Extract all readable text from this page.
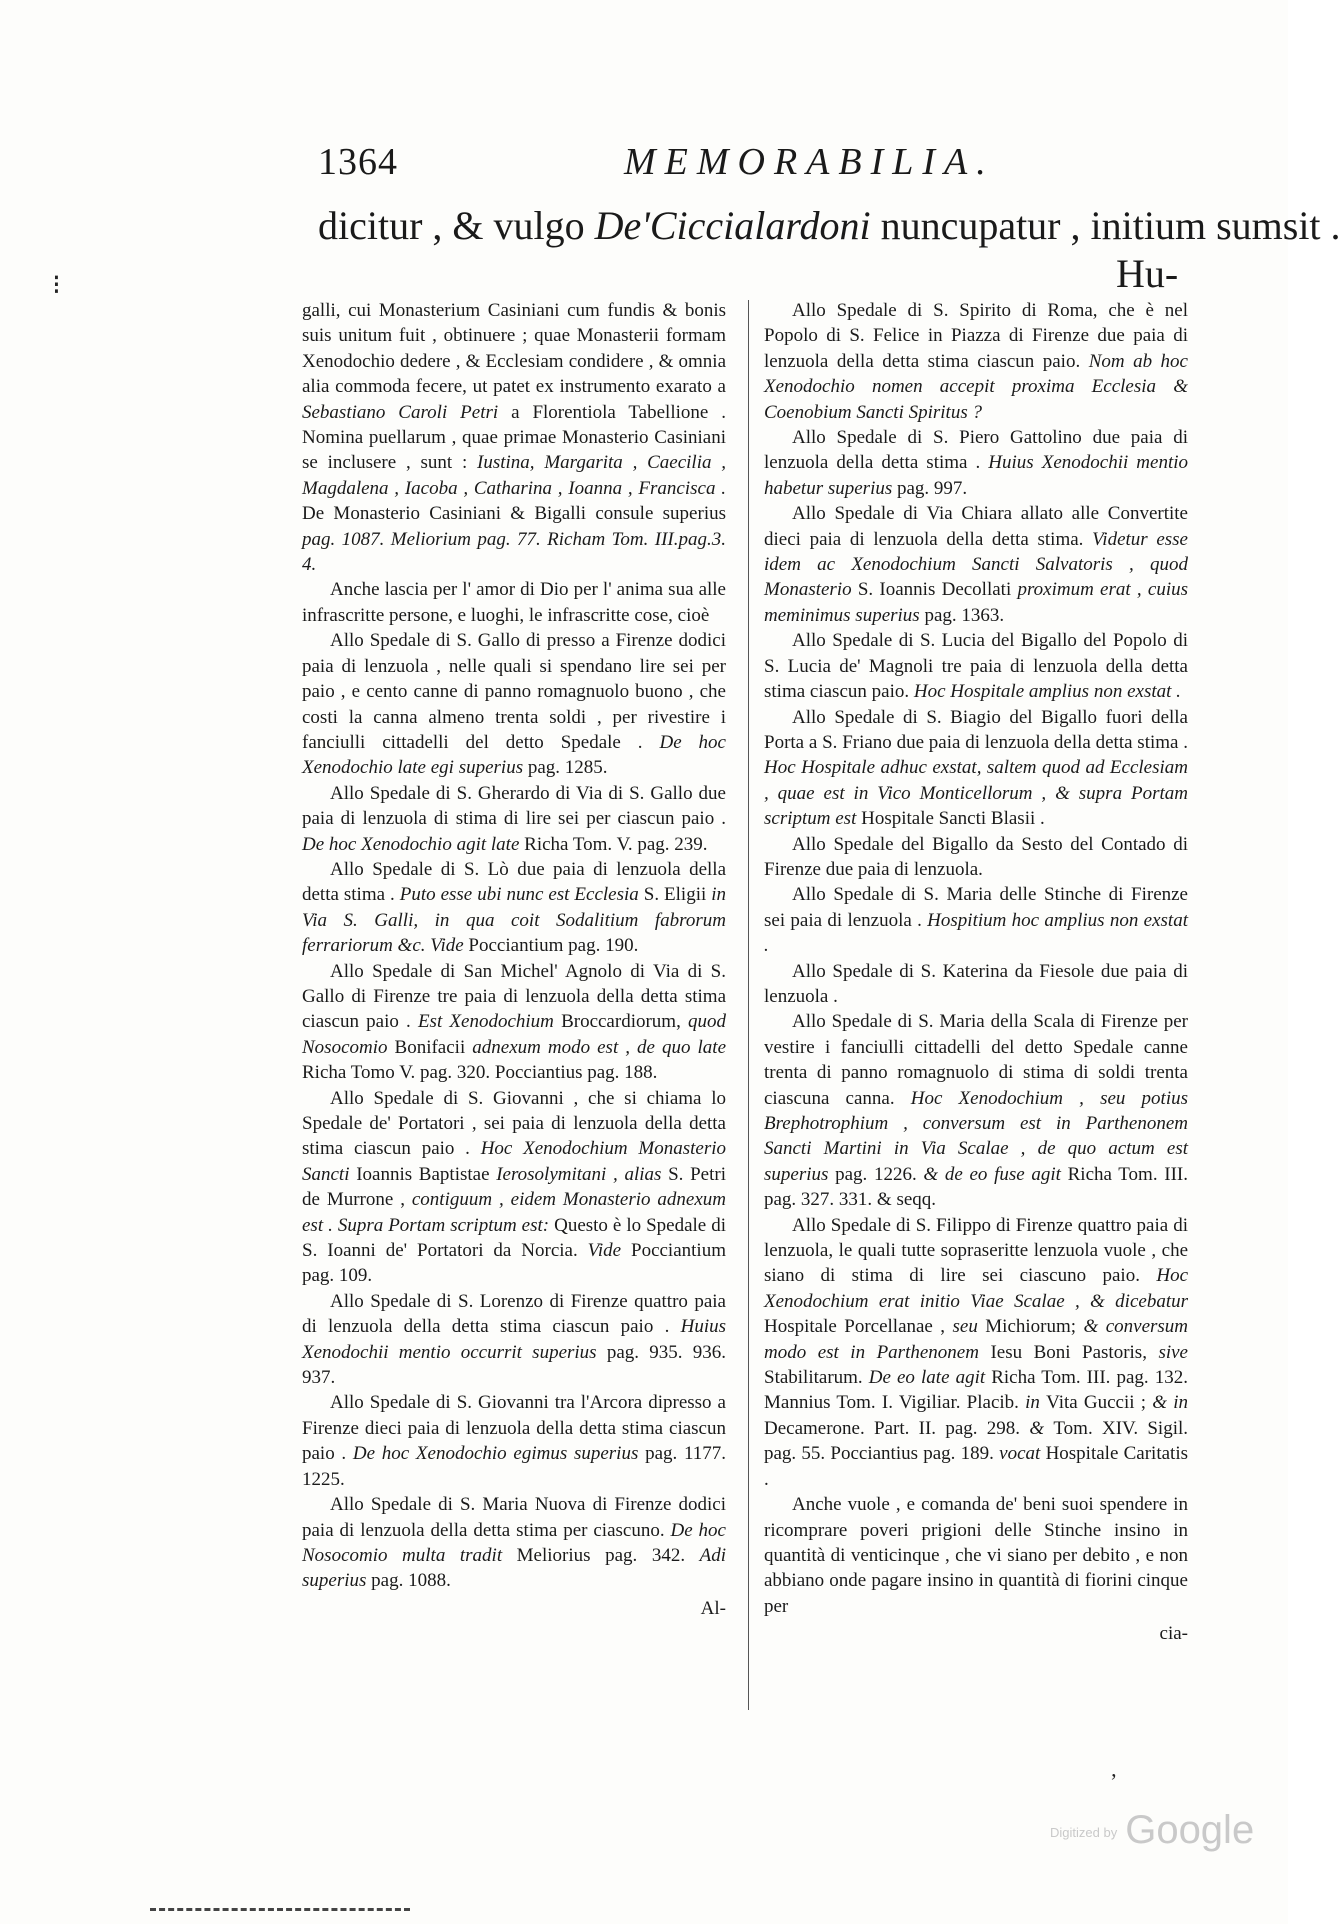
⁝
1364	MEMORABILIA.
dicitur , & vulgo De'Ciccialardoni nuncupatur , initium sumsit .
Hu-

galli, cui Monasterium Casiniani cum fundis & bonis suis unitum fuit , obtinuere ; quae Monasterii formam Xenodochio dedere , & Ecclesiam condidere , & omnia alia commoda fecere, ut patet ex instrumento exarato a Sebastiano Caroli Petri a Florentiola Tabellione . Nomina puellarum , quae primae Monasterio Casiniani se inclusere , sunt : Iustina, Margarita , Caecilia , Magdalena , Iacoba , Catharina , Ioanna , Francisca . De Monasterio Casiniani & Bigalli consule superius pag. 1087. Meliorium pag. 77. Richam Tom. III.pag.3. 4.

Anche lascia per l' amor di Dio per l' anima sua alle infrascritte persone, e luoghi, le infrascritte cose, cioè

Allo Spedale di S. Gallo di presso a Firenze dodici paia di lenzuola , nelle quali si spendano lire sei per paio , e cento canne di panno romagnuolo buono , che costi la canna almeno trenta soldi , per rivestire i fanciulli cittadelli del detto Spedale . De hoc Xenodochio late egi superius pag. 1285.

Allo Spedale di S. Gherardo di Via di S. Gallo due paia di lenzuola di stima di lire sei per ciascun paio . De hoc Xenodochio agit late Richa Tom. V. pag. 239.

Allo Spedale di S. Lò due paia di lenzuola della detta stima . Puto esse ubi nunc est Ecclesia S. Eligii in Via S. Galli, in qua coit Sodalitium fabrorum ferrariorum &c. Vide Pocciantium pag. 190.

Allo Spedale di San Michel' Agnolo di Via di S. Gallo di Firenze tre paia di lenzuola della detta stima ciascun paio . Est Xenodochium Broccardiorum, quod Nosocomio Bonifacii adnexum modo est , de quo late Richa Tomo V. pag. 320. Pocciantius pag. 188.

Allo Spedale di S. Giovanni , che si chiama lo Spedale de' Portatori , sei paia di lenzuola della detta stima ciascun paio . Hoc Xenodochium Monasterio Sancti Ioannis Baptistae Ierosolymitani , alias S. Petri de Murrone , contiguum , eidem Monasterio adnexum est . Supra Portam scriptum est: Questo è lo Spedale di S. Ioanni de' Portatori da Norcia. Vide Pocciantium pag. 109.

Allo Spedale di S. Lorenzo di Firenze quattro paia di lenzuola della detta stima ciascun paio . Huius Xenodochii mentio occurrit superius pag. 935. 936. 937.

Allo Spedale di S. Giovanni tra l'Arcora dipresso a Firenze dieci paia di lenzuola della detta stima ciascun paio . De hoc Xenodochio egimus superius pag. 1177. 1225.

Allo Spedale di S. Maria Nuova di Firenze dodici paia di lenzuola della detta stima per ciascuno. De hoc Nosocomio multa tradit Meliorius pag. 342. Adi superius pag. 1088.

Al-

Allo Spedale di S. Spirito di Roma, che è nel Popolo di S. Felice in Piazza di Firenze due paia di lenzuola della detta stima ciascun paio. Nom ab hoc Xenodochio nomen accepit proxima Ecclesia & Coenobium Sancti Spiritus ?

Allo Spedale di S. Piero Gattolino due paia di lenzuola della detta stima . Huius Xenodochii mentio habetur superius pag. 997.

Allo Spedale di Via Chiara allato alle Convertite dieci paia di lenzuola della detta stima. Videtur esse idem ac Xenodochium Sancti Salvatoris , quod Monasterio S. Ioannis Decollati proximum erat , cuius meminimus superius pag. 1363.

Allo Spedale di S. Lucia del Bigallo del Popolo di S. Lucia de' Magnoli tre paia di lenzuola della detta stima ciascun paio. Hoc Hospitale amplius non exstat .

Allo Spedale di S. Biagio del Bigallo fuori della Porta a S. Friano due paia di lenzuola della detta stima . Hoc Hospitale adhuc exstat, saltem quod ad Ecclesiam , quae est in Vico Monticellorum , & supra Portam scriptum est Hospitale Sancti Blasii .

Allo Spedale del Bigallo da Sesto del Contado di Firenze due paia di lenzuola.

Allo Spedale di S. Maria delle Stinche di Firenze sei paia di lenzuola . Hospitium hoc amplius non exstat .

Allo Spedale di S. Katerina da Fiesole due paia di lenzuola .

Allo Spedale di S. Maria della Scala di Firenze per vestire i fanciulli cittadelli del detto Spedale canne trenta di panno romagnuolo di stima di soldi trenta ciascuna canna. Hoc Xenodochium , seu potius Brephotrophium , conversum est in Parthenonem Sancti Martini in Via Scalae , de quo actum est superius pag. 1226. & de eo fuse agit Richa Tom. III. pag. 327. 331. & seqq.

Allo Spedale di S. Filippo di Firenze quattro paia di lenzuola, le quali tutte sopraseritte lenzuola vuole , che siano di stima di lire sei ciascuno paio. Hoc Xenodochium erat initio Viae Scalae , & dicebatur Hospitale Porcellanae , seu Michiorum; & conversum modo est in Parthenonem Iesu Boni Pastoris, sive Stabilitarum. De eo late agit Richa Tom. III. pag. 132. Mannius Tom. I. Vigiliar. Placib. in Vita Guccii ; & in Decamerone. Part. II. pag. 298. & Tom. XIV. Sigil. pag. 55. Pocciantius pag. 189. vocat Hospitale Caritatis .

Anche vuole , e comanda de' beni suoi spendere in ricomprare poveri prigioni delle Stinche insino in quantità di venticinque , che vi siano per debito , e non abbiano onde pagare insino in quantità di fiorini cinque per

cia-
ʼ
Digitized by Google
